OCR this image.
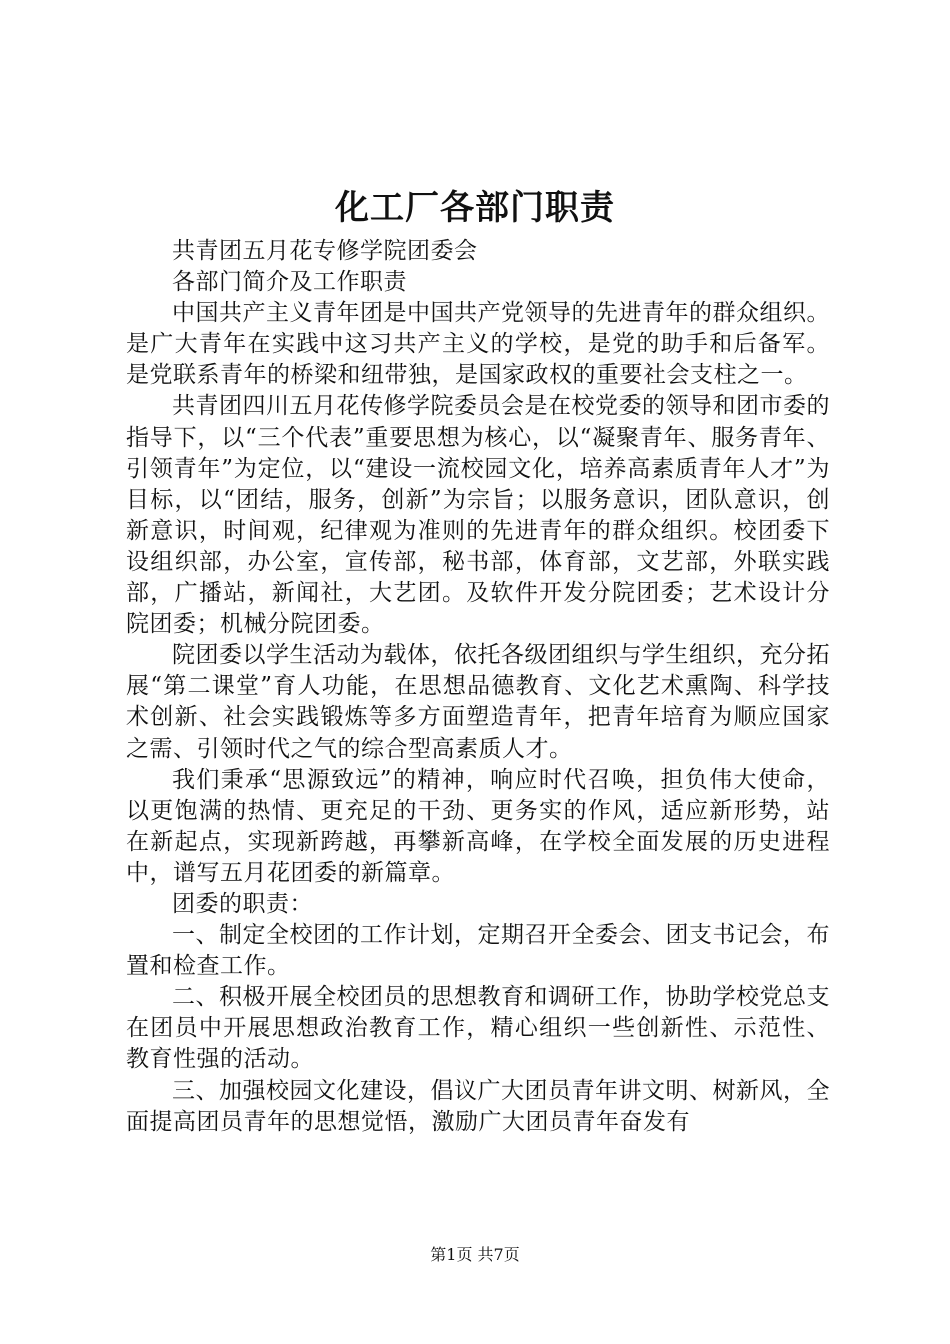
化工厂各部门职责

共青团五月花专修学院团委会

各部门简介及工作职责

中国共产主义青年团是中国共产党领导的先进青年的群众组织。是广大青年在实践中这习共产主义的学校，是党的助手和后备军。是党联系青年的桥梁和纽带独，是国家政权的重要社会支柱之一。

共青团四川五月花传修学院委员会是在校党委的领导和团市委的指导下，以“三个代表”重要思想为核心，以“凝聚青年、服务青年、引领青年”为定位，以“建设一流校园文化，培养高素质青年人才”为目标，以“团结，服务，创新”为宗旨；以服务意识，团队意识，创新意识，时间观，纪律观为准则的先进青年的群众组织。校团委下设组织部，办公室，宣传部，秘书部，体育部，文艺部，外联实践部，广播站，新闻社，大艺团。及软件开发分院团委；艺术设计分院团委；机械分院团委。

院团委以学生活动为载体，依托各级团组织与学生组织，充分拓展“第二课堂”育人功能，在思想品德教育、文化艺术熏陶、科学技术创新、社会实践锻炼等多方面塑造青年，把青年培育为顺应国家之需、引领时代之气的综合型高素质人才。

我们秉承“思源致远”的精神，响应时代召唤，担负伟大使命，以更饱满的热情、更充足的干劲、更务实的作风，适应新形势，站在新起点，实现新跨越，再攀新高峰，在学校全面发展的历史进程中，谱写五月花团委的新篇章。

团委的职责：

一、制定全校团的工作计划，定期召开全委会、团支书记会，布置和检查工作。

二、积极开展全校团员的思想教育和调研工作，协助学校党总支在团员中开展思想政治教育工作，精心组织一些创新性、示范性、教育性强的活动。

三、加强校园文化建设，倡议广大团员青年讲文明、树新风，全面提高团员青年的思想觉悟，激励广大团员青年奋发有

第1页 共7页
